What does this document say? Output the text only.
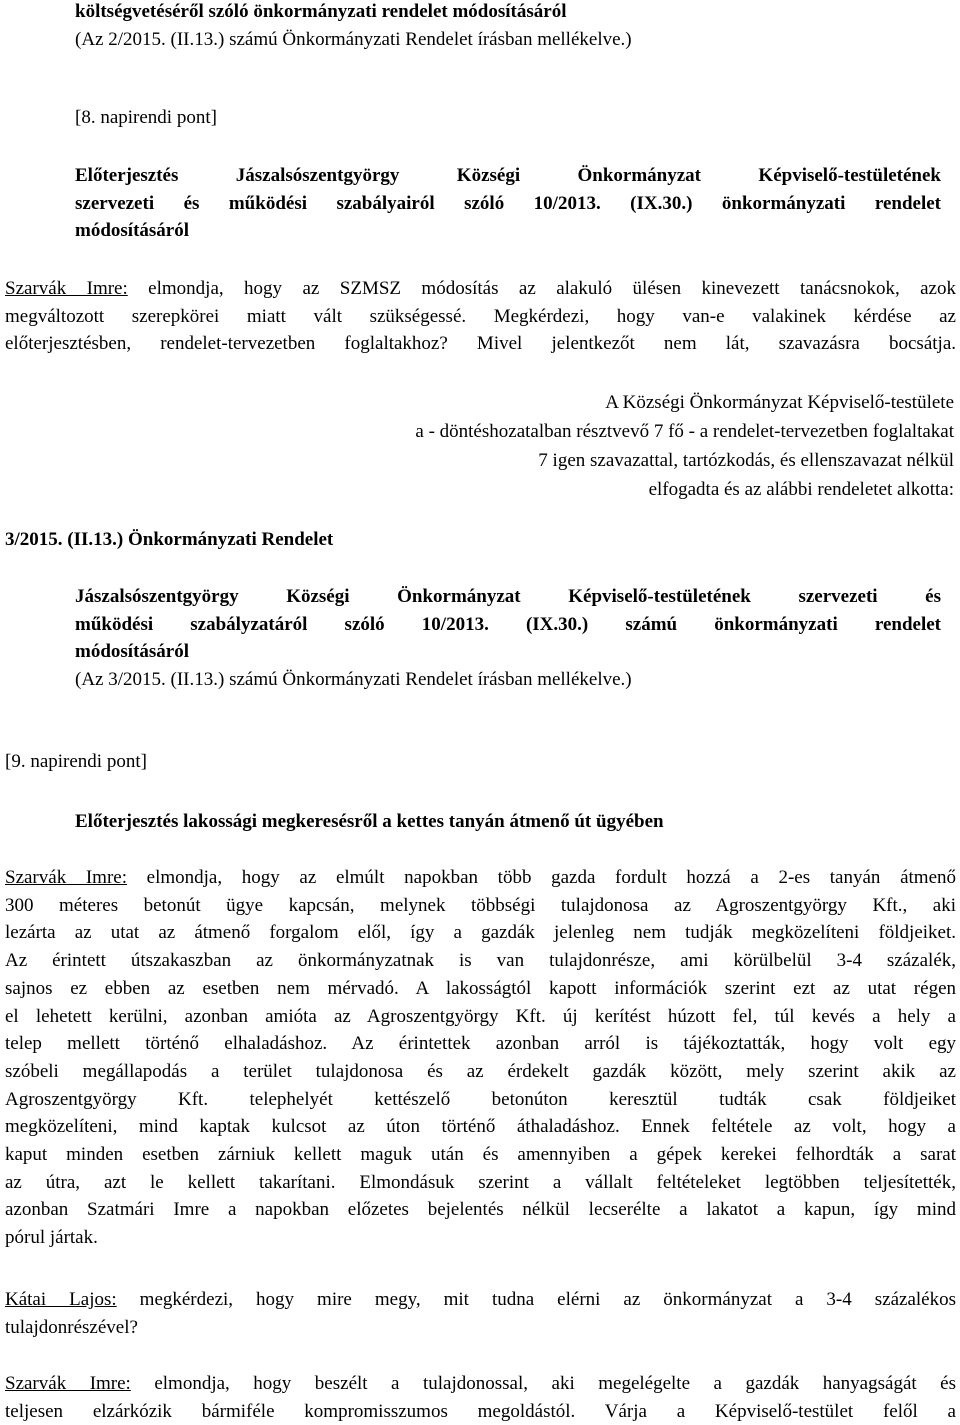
költségvetéséről szóló önkormányzati rendelet módosításáról
(Az 2/2015. (II.13.) számú Önkormányzati Rendelet írásban mellékelve.)
[8. napirendi pont]
Előterjesztés Jászalsószentgyörgy Községi Önkormányzat Képviselő-testületének
szervezeti és működési szabályairól szóló 10/2013. (IX.30.) önkormányzati rendelet
módosításáról
Szarvák Imre: elmondja, hogy az SZMSZ módosítás az alakuló ülésen kinevezett tanácsnokok, azok
megváltozott szerepkörei miatt vált szükségessé. Megkérdezi, hogy van-e valakinek kérdése az
előterjesztésben, rendelet-tervezetben foglaltakhoz? Mivel jelentkezőt nem lát, szavazásra bocsátja.
A Községi Önkormányzat Képviselő-testülete
a - döntéshozatalban résztvevő 7 fő - a rendelet-tervezetben foglaltakat
7 igen szavazattal, tartózkodás, és ellenszavazat nélkül
elfogadta és az alábbi rendeletet alkotta:
3/2015. (II.13.) Önkormányzati Rendelet
Jászalsószentgyörgy Községi Önkormányzat Képviselő-testületének szervezeti és
működési szabályzatáról szóló 10/2013. (IX.30.) számú önkormányzati rendelet
módosításáról
(Az 3/2015. (II.13.) számú Önkormányzati Rendelet írásban mellékelve.)
[9. napirendi pont]
Előterjesztés lakossági megkeresésről a kettes tanyán átmenő út ügyében
Szarvák Imre: elmondja, hogy az elmúlt napokban több gazda fordult hozzá a 2-es tanyán átmenő
300 méteres betonút ügye kapcsán, melynek többségi tulajdonosa az Agroszentgyörgy Kft., aki
lezárta az utat az átmenő forgalom elől, így a gazdák jelenleg nem tudják megközelíteni földjeiket.
Az érintett útszakaszban az önkormányzatnak is van tulajdonrésze, ami körülbelül 3-4 százalék,
sajnos ez ebben az esetben nem mérvadó. A lakosságtól kapott információk szerint ezt az utat régen
el lehetett kerülni, azonban amióta az Agroszentgyörgy Kft. új kerítést húzott fel, túl kevés a hely a
telep mellett történő elhaladáshoz. Az érintettek azonban arról is tájékoztatták, hogy volt egy
szóbeli megállapodás a terület tulajdonosa és az érdekelt gazdák között, mely szerint akik az
Agroszentgyörgy Kft. telephelyét kettészelő betonúton keresztül tudták csak földjeiket
megközelíteni, mind kaptak kulcsot az úton történő áthaladáshoz. Ennek feltétele az volt, hogy a
kaput minden esetben zárniuk kellett maguk után és amennyiben a gépek kerekei felhordták a sarat
az útra, azt le kellett takarítani. Elmondásuk szerint a vállalt feltételeket legtöbben teljesítették,
azonban Szatmári Imre a napokban előzetes bejelentés nélkül lecserélte a lakatot a kapun, így mind
pórul jártak.
Kátai Lajos: megkérdezi, hogy mire megy, mit tudna elérni az önkormányzat a 3-4 százalékos
tulajdonrészével?
Szarvák Imre: elmondja, hogy beszélt a tulajdonossal, aki megelégelte a gazdák hanyagságát és
teljesen elzárkózik bármiféle kompromisszumos megoldástól. Várja a Képviselő-testület felől a
